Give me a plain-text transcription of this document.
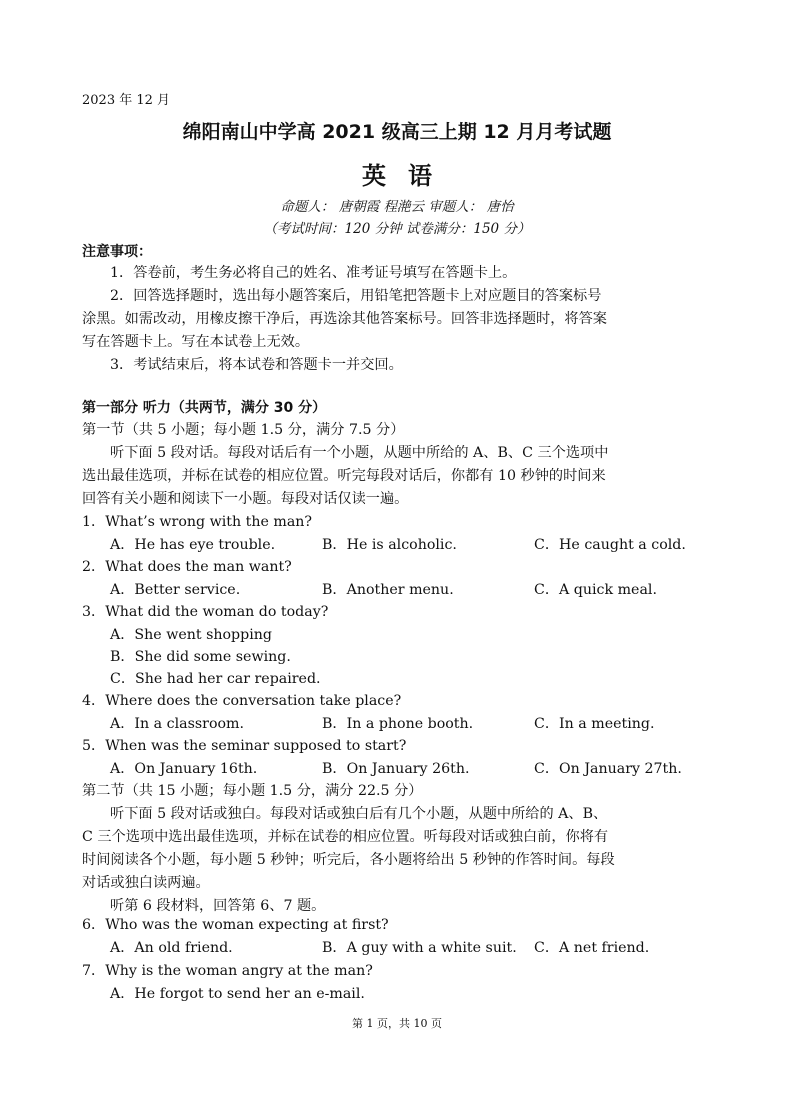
2023 年 12 月
绵阳南山中学高 2021 级高三上期 12 月月考试题
英语
命题人： 唐朝霞 程滟云 审题人： 唐怡
（考试时间：120 分钟 试卷满分：150 分）
注意事项：
1．答卷前，考生务必将自己的姓名、准考证号填写在答题卡上。
2．回答选择题时，选出每小题答案后，用铅笔把答题卡上对应题目的答案标号
涂黑。如需改动，用橡皮擦干净后，再选涂其他答案标号。回答非选择题时，将答案
写在答题卡上。写在本试卷上无效。
3．考试结束后，将本试卷和答题卡一并交回。
第一部分 听力（共两节，满分 30 分）
第一节（共 5 小题；每小题 1.5 分，满分 7.5 分）
听下面 5 段对话。每段对话后有一个小题，从题中所给的 A、B、C 三个选项中
选出最佳选项，并标在试卷的相应位置。听完每段对话后，你都有 10 秒钟的时间来
回答有关小题和阅读下一小题。每段对话仅读一遍。
1．What’s wrong with the man?
A．He has eye trouble.	B．He is alcoholic.	C．He caught a cold.
2．What does the man want?
A．Better service.	B．Another menu.	C．A quick meal.
3．What did the woman do today?
A．She went shopping
B．She did some sewing.
C．She had her car repaired.
4．Where does the conversation take place?
A．In a classroom.	B．In a phone booth.	C．In a meeting.
5．When was the seminar supposed to start?
A．On January 16th.	B．On January 26th.	C．On January 27th.
第二节（共 15 小题；每小题 1.5 分，满分 22.5 分）
听下面 5 段对话或独白。每段对话或独白后有几个小题，从题中所给的 A、B、
C 三个选项中选出最佳选项，并标在试卷的相应位置。听每段对话或独白前，你将有
时间阅读各个小题，每小题 5 秒钟；听完后，各小题将给出 5 秒钟的作答时间。每段
对话或独白读两遍。
听第 6 段材料，回答第 6、7 题。
6．Who was the woman expecting at first?
A．An old friend.	B．A guy with a white suit. C．A net friend.
7．Why is the woman angry at the man?
A．He forgot to send her an e-mail.
第 1 页，共 10 页
